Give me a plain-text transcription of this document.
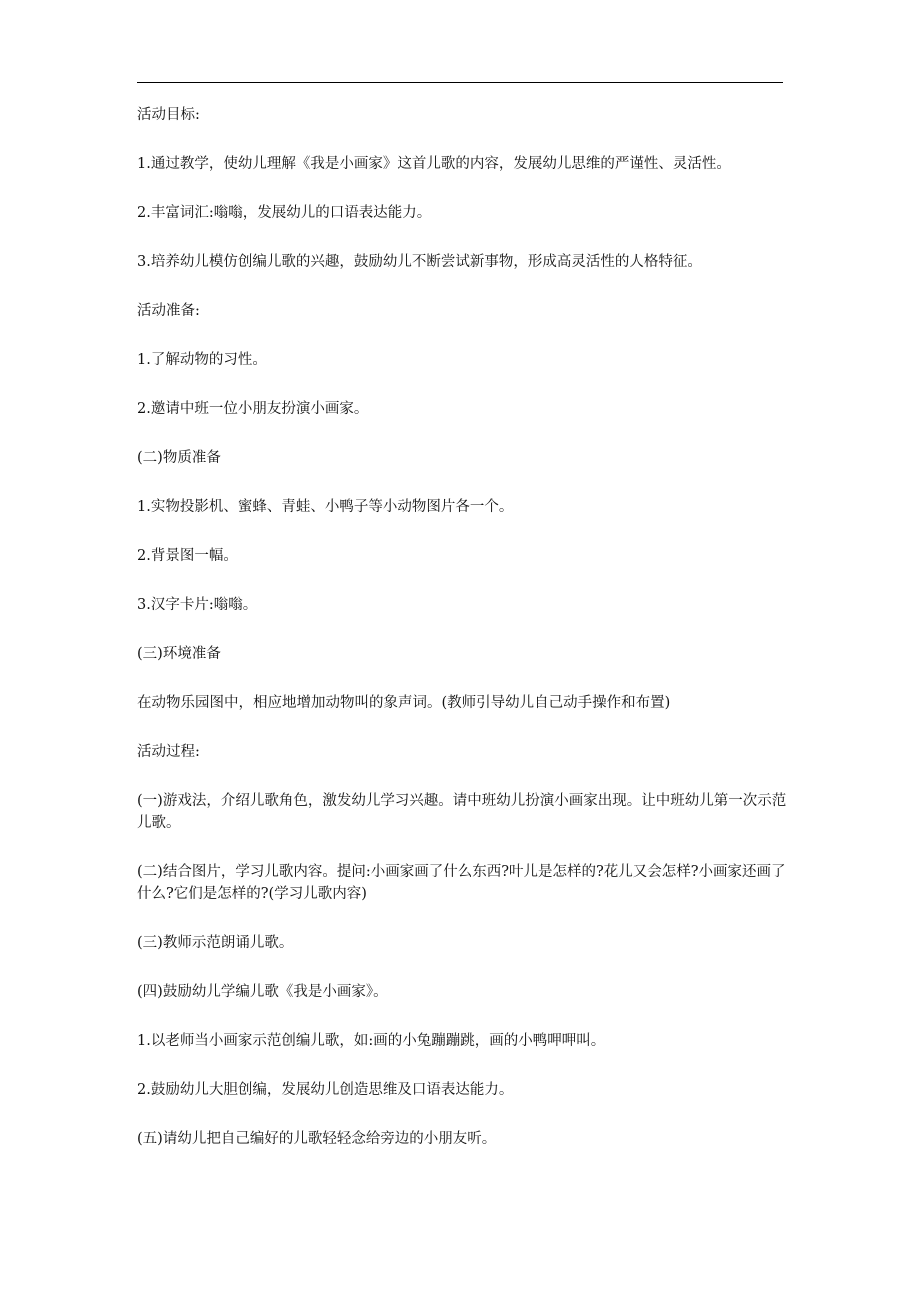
活动目标:

1.通过教学，使幼儿理解《我是小画家》这首儿歌的内容，发展幼儿思维的严谨性、灵活性。

2.丰富词汇:嗡嗡，发展幼儿的口语表达能力。

3.培养幼儿模仿创编儿歌的兴趣，鼓励幼儿不断尝试新事物，形成高灵活性的人格特征。

活动准备:

1.了解动物的习性。

2.邀请中班一位小朋友扮演小画家。

(二)物质准备

1.实物投影机、蜜蜂、青蛙、小鸭子等小动物图片各一个。

2.背景图一幅。

3.汉字卡片:嗡嗡。

(三)环境准备

在动物乐园图中，相应地增加动物叫的象声词。(教师引导幼儿自己动手操作和布置)

活动过程:

(一)游戏法，介绍儿歌角色，激发幼儿学习兴趣。请中班幼儿扮演小画家出现。让中班幼儿第一次示范儿歌。

(二)结合图片，学习儿歌内容。提问:小画家画了什么东西?叶儿是怎样的?花儿又会怎样?小画家还画了什么?它们是怎样的?(学习儿歌内容)

(三)教师示范朗诵儿歌。

(四)鼓励幼儿学编儿歌《我是小画家》。

1.以老师当小画家示范创编儿歌，如:画的小兔蹦蹦跳，画的小鸭呷呷叫。

2.鼓励幼儿大胆创编，发展幼儿创造思维及口语表达能力。

(五)请幼儿把自己编好的儿歌轻轻念给旁边的小朋友听。
